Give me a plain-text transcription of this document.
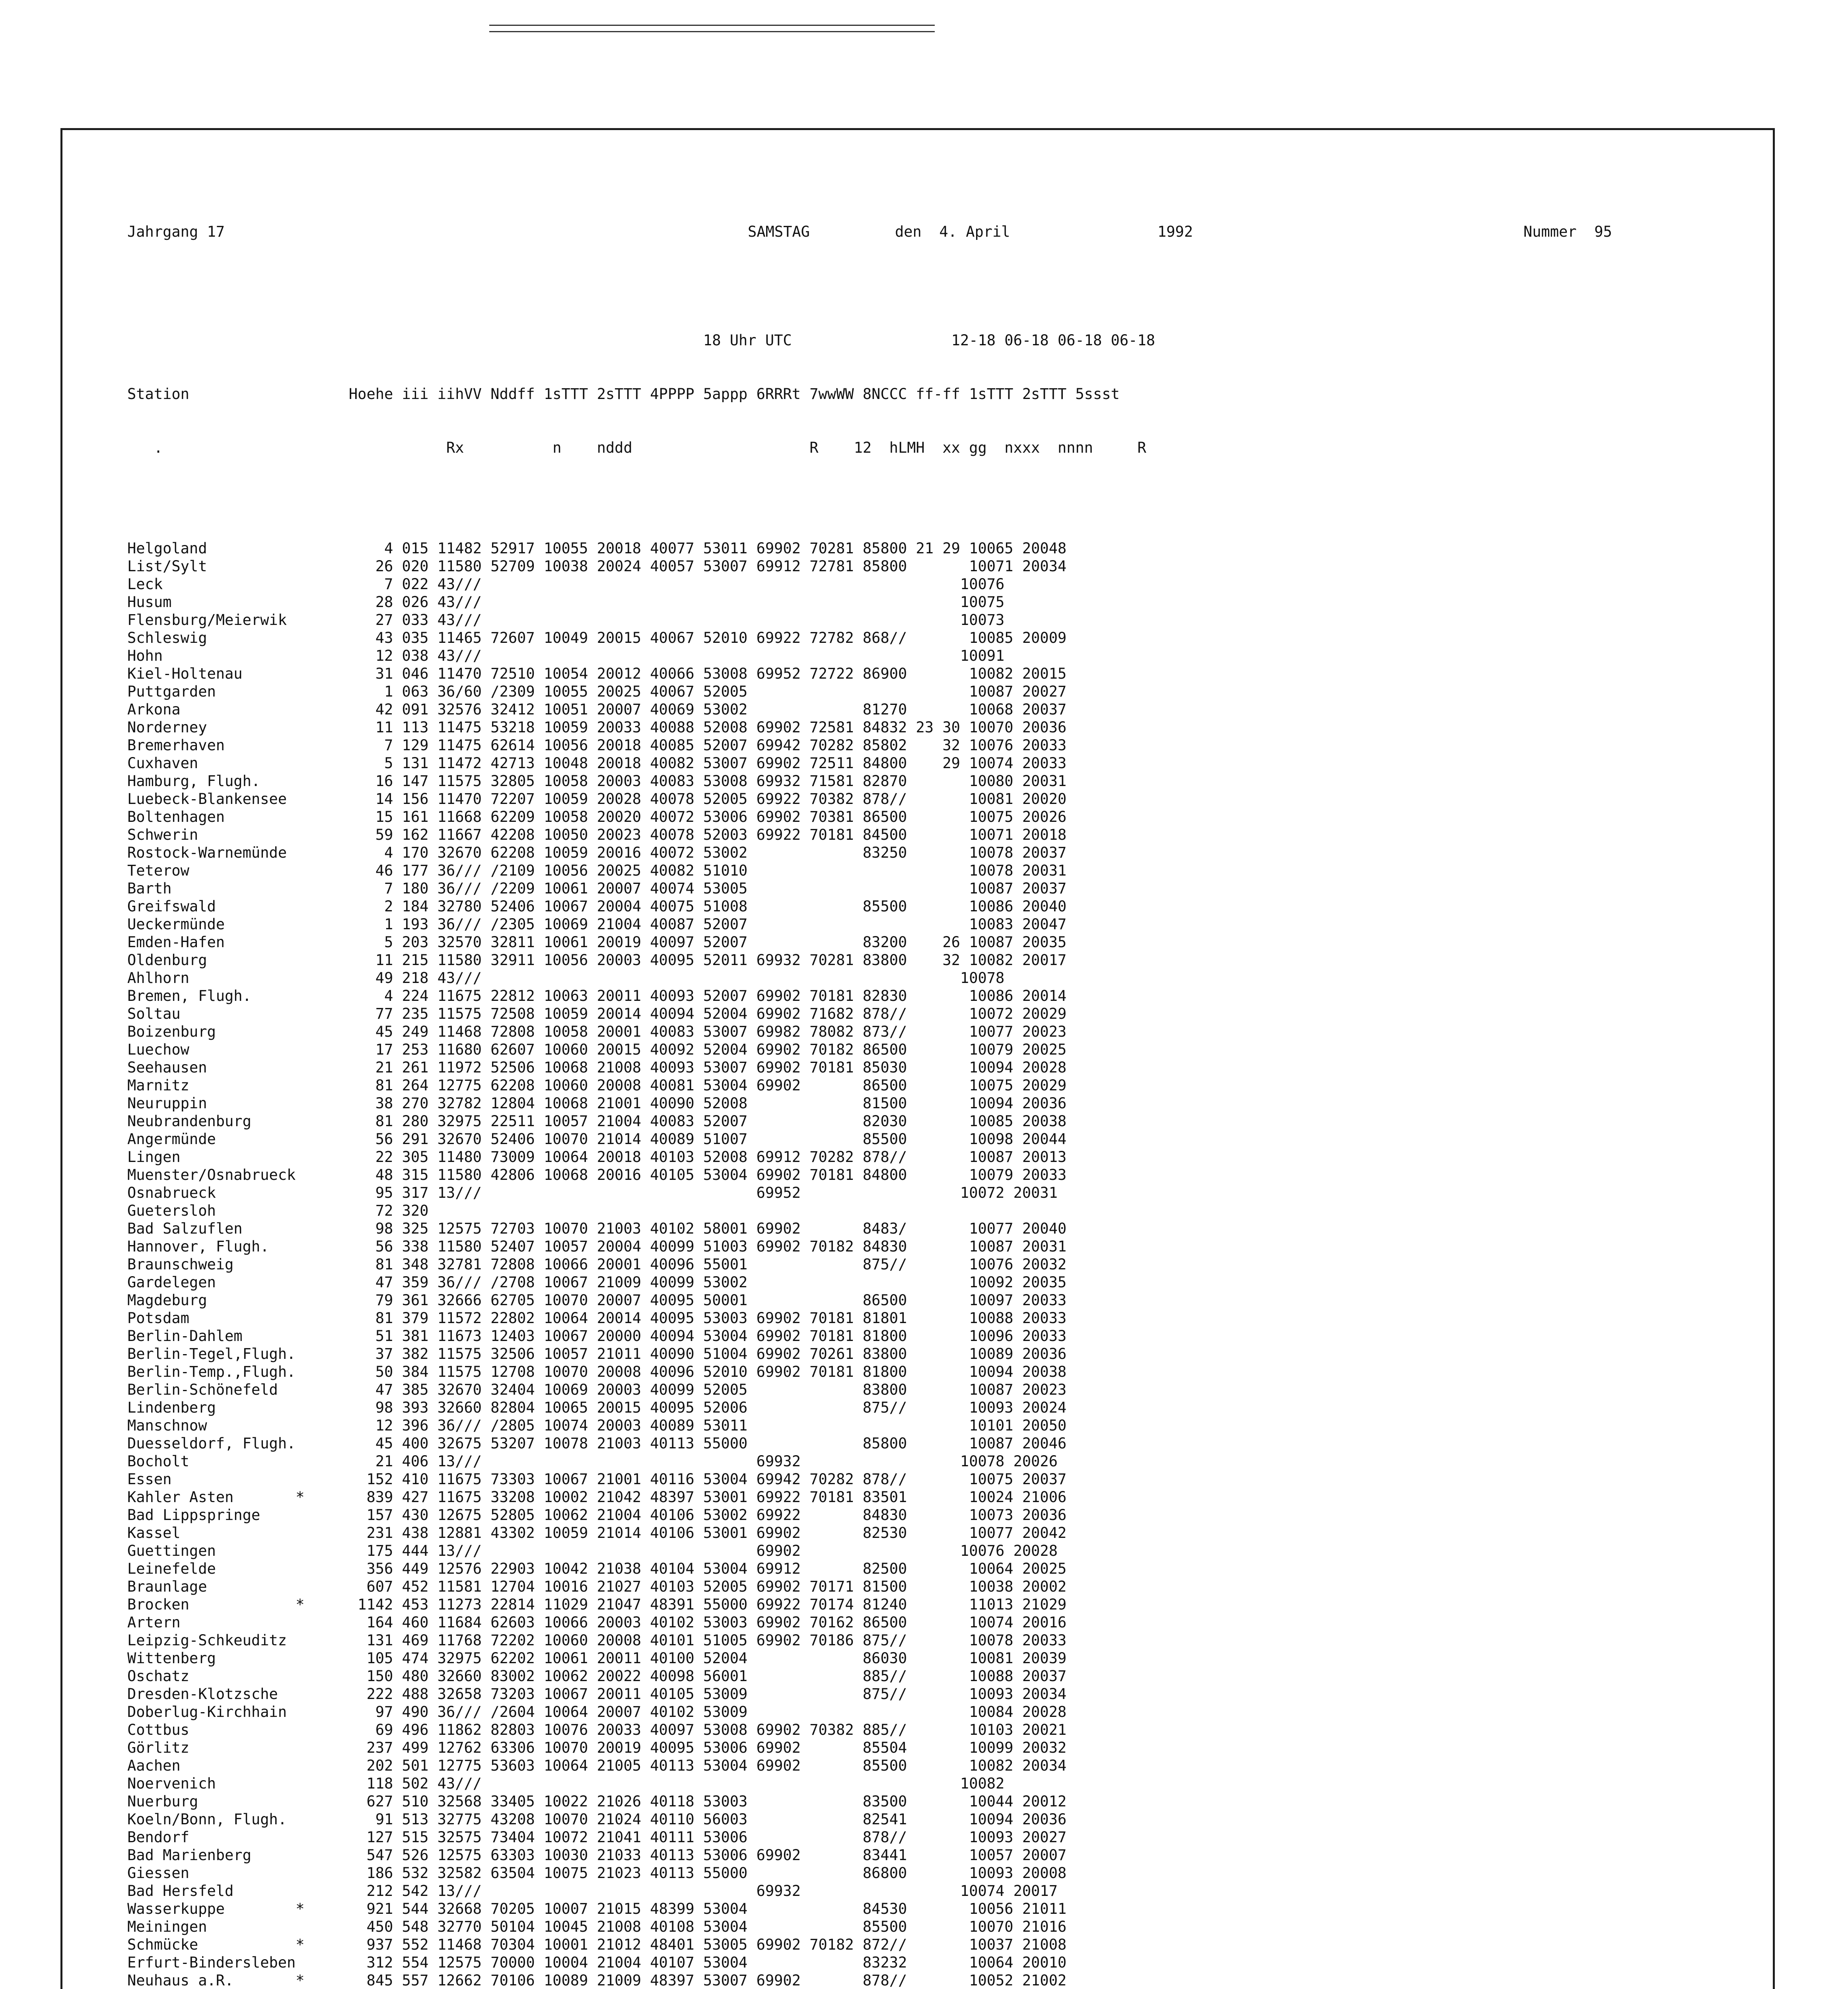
Jahrgang 17

	SAMSTAG

	den  4. April

	1992

	Nummer  95

18 Uhr UTC                  12-18 06-18 06-18 06-18

Station                  Hoehe iii iihVV Nddff 1sTTT 2sTTT 4PPPP 5appp 6RRRt 7wwWW 8NCCC ff-ff 1sTTT 2sTTT 5ssst

.                                Rx          n    nddd                    R    12  hLMH  xx gg  nxxx  nnnn     R

Helgoland                    4 015 11482 52917 10055 20018 40077 53011 69902 70281 85800 21 29 10065 20048
List/Sylt                   26 020 11580 52709 10038 20024 40057 53007 69912 72781 85800       10071 20034
Leck                         7 022 43///                                                      10076
Husum                       28 026 43///                                                      10075
Flensburg/Meierwik          27 033 43///                                                      10073
Schleswig                   43 035 11465 72607 10049 20015 40067 52010 69922 72782 868//       10085 20009
Hohn                        12 038 43///                                                      10091
Kiel-Holtenau               31 046 11470 72510 10054 20012 40066 53008 69952 72722 86900       10082 20015
Puttgarden                   1 063 36/60 /2309 10055 20025 40067 52005                         10087 20027
Arkona                      42 091 32576 32412 10051 20007 40069 53002             81270       10068 20037
Norderney                   11 113 11475 53218 10059 20033 40088 52008 69902 72581 84832 23 30 10070 20036
Bremerhaven                  7 129 11475 62614 10056 20018 40085 52007 69942 70282 85802    32 10076 20033
Cuxhaven                     5 131 11472 42713 10048 20018 40082 53007 69902 72511 84800    29 10074 20033
Hamburg, Flugh.             16 147 11575 32805 10058 20003 40083 53008 69932 71581 82870       10080 20031
Luebeck-Blankensee          14 156 11470 72207 10059 20028 40078 52005 69922 70382 878//       10081 20020
Boltenhagen                 15 161 11668 62209 10058 20020 40072 53006 69902 70381 86500       10075 20026
Schwerin                    59 162 11667 42208 10050 20023 40078 52003 69922 70181 84500       10071 20018
Rostock-Warnemünde           4 170 32670 62208 10059 20016 40072 53002             83250       10078 20037
Teterow                     46 177 36/// /2109 10056 20025 40082 51010                         10078 20031
Barth                        7 180 36/// /2209 10061 20007 40074 53005                         10087 20037
Greifswald                   2 184 32780 52406 10067 20004 40075 51008             85500       10086 20040
Ueckermünde                  1 193 36/// /2305 10069 21004 40087 52007                         10083 20047
Emden-Hafen                  5 203 32570 32811 10061 20019 40097 52007             83200    26 10087 20035
Oldenburg                   11 215 11580 32911 10056 20003 40095 52011 69932 70281 83800    32 10082 20017
Ahlhorn                     49 218 43///                                                      10078
Bremen, Flugh.               4 224 11675 22812 10063 20011 40093 52007 69902 70181 82830       10086 20014
Soltau                      77 235 11575 72508 10059 20014 40094 52004 69902 71682 878//       10072 20029
Boizenburg                  45 249 11468 72808 10058 20001 40083 53007 69982 78082 873//       10077 20023
Luechow                     17 253 11680 62607 10060 20015 40092 52004 69902 70182 86500       10079 20025
Seehausen                   21 261 11972 52506 10068 21008 40093 53007 69902 70181 85030       10094 20028
Marnitz                     81 264 12775 62208 10060 20008 40081 53004 69902       86500       10075 20029
Neuruppin                   38 270 32782 12804 10068 21001 40090 52008             81500       10094 20036
Neubrandenburg              81 280 32975 22511 10057 21004 40083 52007             82030       10085 20038
Angermünde                  56 291 32670 52406 10070 21014 40089 51007             85500       10098 20044
Lingen                      22 305 11480 73009 10064 20018 40103 52008 69912 70282 878//       10087 20013
Muenster/Osnabrueck         48 315 11580 42806 10068 20016 40105 53004 69902 70181 84800       10079 20033
Osnabrueck                  95 317 13///                               69952                  10072 20031
Guetersloh                  72 320
Bad Salzuflen               98 325 12575 72703 10070 21003 40102 58001 69902       8483/       10077 20040
Hannover, Flugh.            56 338 11580 52407 10057 20004 40099 51003 69902 70182 84830       10087 20031
Braunschweig                81 348 32781 72808 10066 20001 40096 55001             875//       10076 20032
Gardelegen                  47 359 36/// /2708 10067 21009 40099 53002                         10092 20035
Magdeburg                   79 361 32666 62705 10070 20007 40095 50001             86500       10097 20033
Potsdam                     81 379 11572 22802 10064 20014 40095 53003 69902 70181 81801       10088 20033
Berlin-Dahlem               51 381 11673 12403 10067 20000 40094 53004 69902 70181 81800       10096 20033
Berlin-Tegel,Flugh.         37 382 11575 32506 10057 21011 40090 51004 69902 70261 83800       10089 20036
Berlin-Temp.,Flugh.         50 384 11575 12708 10070 20008 40096 52010 69902 70181 81800       10094 20038
Berlin-Schönefeld           47 385 32670 32404 10069 20003 40099 52005             83800       10087 20023
Lindenberg                  98 393 32660 82804 10065 20015 40095 52006             875//       10093 20024
Manschnow                   12 396 36/// /2805 10074 20003 40089 53011                         10101 20050
Duesseldorf, Flugh.         45 400 32675 53207 10078 21003 40113 55000             85800       10087 20046
Bocholt                     21 406 13///                               69932                  10078 20026
Essen                      152 410 11675 73303 10067 21001 40116 53004 69942 70282 878//       10075 20037
Kahler Asten       *       839 427 11675 33208 10002 21042 48397 53001 69922 70181 83501       10024 21006
Bad Lippspringe            157 430 12675 52805 10062 21004 40106 53002 69922       84830       10073 20036
Kassel                     231 438 12881 43302 10059 21014 40106 53001 69902       82530       10077 20042
Guettingen                 175 444 13///                               69902                  10076 20028
Leinefelde                 356 449 12576 22903 10042 21038 40104 53004 69912       82500       10064 20025
Braunlage                  607 452 11581 12704 10016 21027 40103 52005 69902 70171 81500       10038 20002
Brocken            *      1142 453 11273 22814 11029 21047 48391 55000 69922 70174 81240       11013 21029
Artern                     164 460 11684 62603 10066 20003 40102 53003 69902 70162 86500       10074 20016
Leipzig-Schkeuditz         131 469 11768 72202 10060 20008 40101 51005 69902 70186 875//       10078 20033
Wittenberg                 105 474 32975 62202 10061 20011 40100 52004             86030       10081 20039
Oschatz                    150 480 32660 83002 10062 20022 40098 56001             885//       10088 20037
Dresden-Klotzsche          222 488 32658 73203 10067 20011 40105 53009             875//       10093 20034
Doberlug-Kirchhain          97 490 36/// /2604 10064 20007 40102 53009                         10084 20028
Cottbus                     69 496 11862 82803 10076 20033 40097 53008 69902 70382 885//       10103 20021
Görlitz                    237 499 12762 63306 10070 20019 40095 53006 69902       85504       10099 20032
Aachen                     202 501 12775 53603 10064 21005 40113 53004 69902       85500       10082 20034
Noervenich                 118 502 43///                                                      10082
Nuerburg                   627 510 32568 33405 10022 21026 40118 53003             83500       10044 20012
Koeln/Bonn, Flugh.          91 513 32775 43208 10070 21024 40110 56003             82541       10094 20036
Bendorf                    127 515 32575 73404 10072 21041 40111 53006             878//       10093 20027
Bad Marienberg             547 526 12575 63303 10030 21033 40113 53006 69902       83441       10057 20007
Giessen                    186 532 32582 63504 10075 21023 40113 55000             86800       10093 20008
Bad Hersfeld               212 542 13///                               69932                  10074 20017
Wasserkuppe        *       921 544 32668 70205 10007 21015 48399 53004             84530       10056 21011
Meiningen                  450 548 32770 50104 10045 21008 40108 53004             85500       10070 21016
Schmücke           *       937 552 11468 70304 10001 21012 48401 53005 69902 70182 872//       10037 21008
Erfurt-Bindersleben        312 554 12575 70000 10004 21004 40107 53004             83232       10064 20010
Neuhaus a.R.       *       845 557 12662 70106 10089 21009 48397 53007 69902       878//       10052 21002
